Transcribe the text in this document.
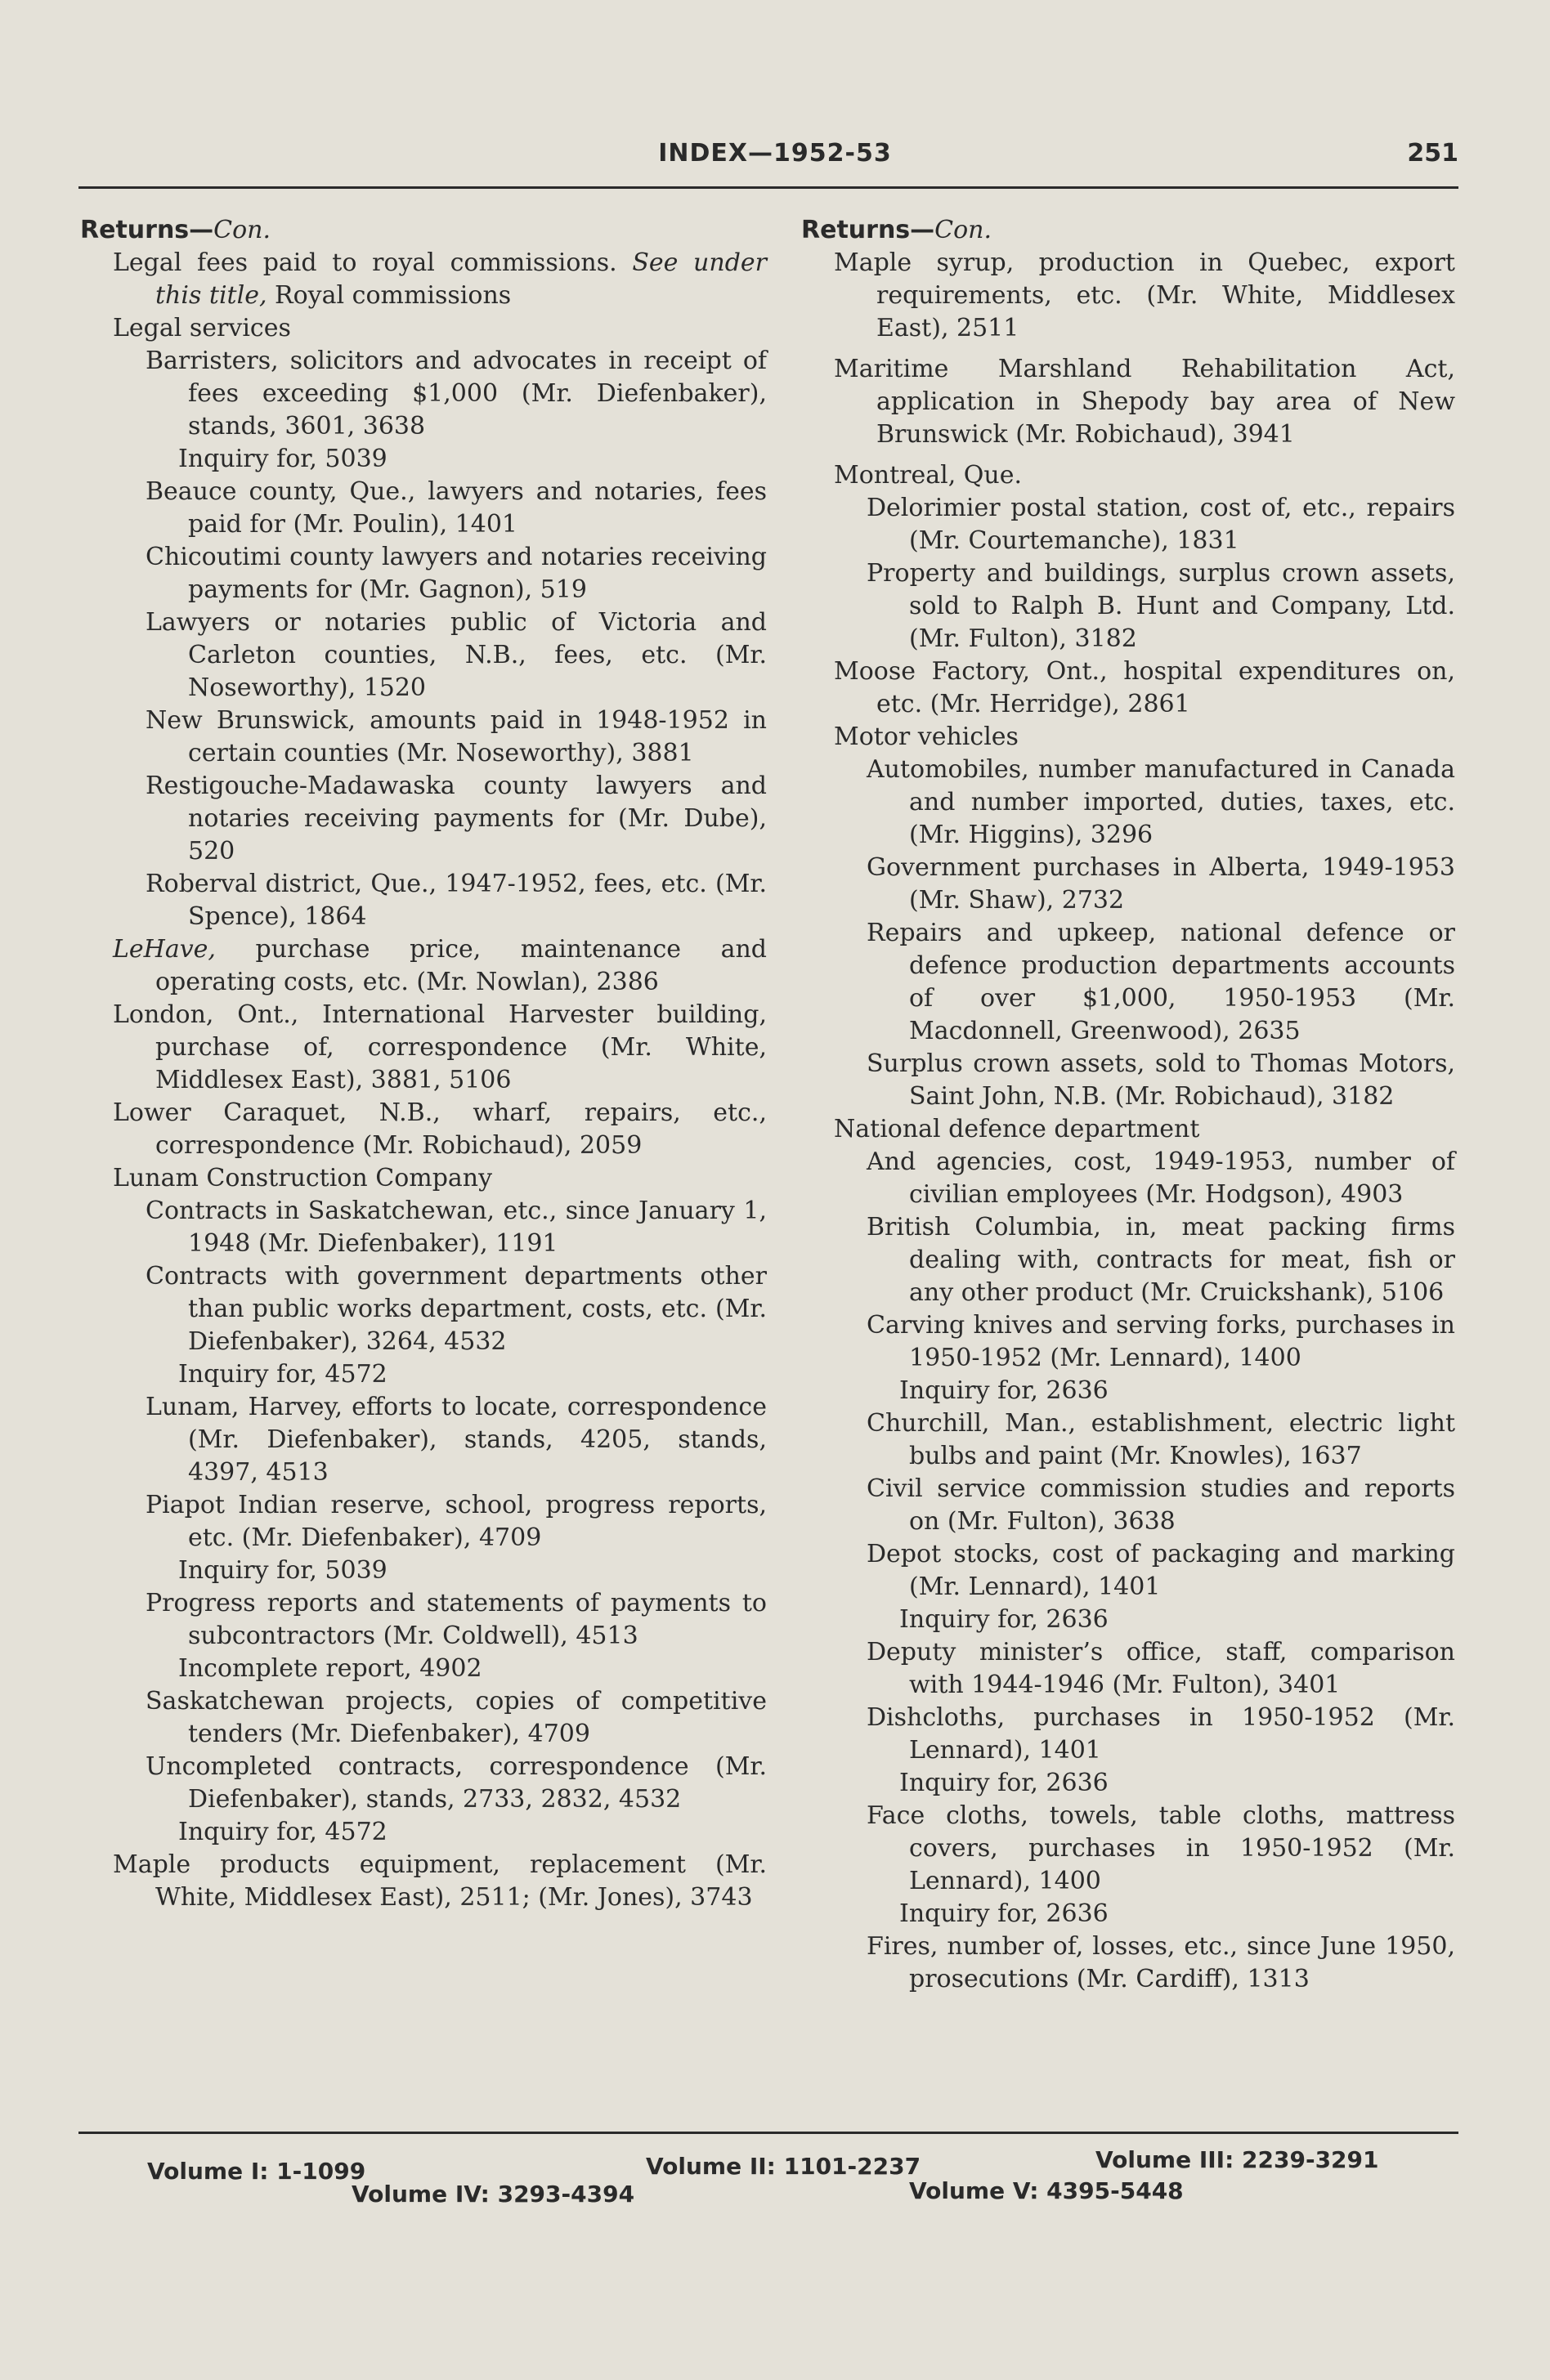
INDEX—1952-53	251
Returns—Con.
Legal fees paid to royal commissions. See under this title, Royal commissions
Legal services
Barristers, solicitors and advocates in receipt of fees exceeding $1,000 (Mr. Diefenbaker), stands, 3601, 3638
Inquiry for, 5039
Beauce county, Que., lawyers and notaries, fees paid for (Mr. Poulin), 1401
Chicoutimi county lawyers and notaries receiving payments for (Mr. Gagnon), 519
Lawyers or notaries public of Victoria and Carleton counties, N.B., fees, etc. (Mr. Noseworthy), 1520
New Brunswick, amounts paid in 1948-1952 in certain counties (Mr. Noseworthy), 3881
Restigouche-Madawaska county lawyers and notaries receiving payments for (Mr. Dube), 520
Roberval district, Que., 1947-1952, fees, etc. (Mr. Spence), 1864
LeHave, purchase price, maintenance and operating costs, etc. (Mr. Nowlan), 2386
London, Ont., International Harvester building, purchase of, correspondence (Mr. White, Middlesex East), 3881, 5106
Lower Caraquet, N.B., wharf, repairs, etc., correspondence (Mr. Robichaud), 2059
Lunam Construction Company
Contracts in Saskatchewan, etc., since January 1, 1948 (Mr. Diefenbaker), 1191
Contracts with government departments other than public works department, costs, etc. (Mr. Diefenbaker), 3264, 4532
Inquiry for, 4572
Lunam, Harvey, efforts to locate, correspondence (Mr. Diefenbaker), stands, 4205, stands, 4397, 4513
Piapot Indian reserve, school, progress reports, etc. (Mr. Diefenbaker), 4709
Inquiry for, 5039
Progress reports and statements of payments to subcontractors (Mr. Coldwell), 4513
Incomplete report, 4902
Saskatchewan projects, copies of competitive tenders (Mr. Diefenbaker), 4709
Uncompleted contracts, correspondence (Mr. Diefenbaker), stands, 2733, 2832, 4532
Inquiry for, 4572
Maple products equipment, replacement (Mr. White, Middlesex East), 2511; (Mr. Jones), 3743
Returns—Con.
Maple syrup, production in Quebec, export requirements, etc. (Mr. White, Middlesex East), 2511
Maritime Marshland Rehabilitation Act, application in Shepody bay area of New Brunswick (Mr. Robichaud), 3941
Montreal, Que.
Delorimier postal station, cost of, etc., repairs (Mr. Courtemanche), 1831
Property and buildings, surplus crown assets, sold to Ralph B. Hunt and Company, Ltd. (Mr. Fulton), 3182
Moose Factory, Ont., hospital expenditures on, etc. (Mr. Herridge), 2861
Motor vehicles
Automobiles, number manufactured in Canada and number imported, duties, taxes, etc. (Mr. Higgins), 3296
Government purchases in Alberta, 1949-1953 (Mr. Shaw), 2732
Repairs and upkeep, national defence or defence production departments accounts of over $1,000, 1950-1953 (Mr. Macdonnell, Greenwood), 2635
Surplus crown assets, sold to Thomas Motors, Saint John, N.B. (Mr. Robichaud), 3182
National defence department
And agencies, cost, 1949-1953, number of civilian employees (Mr. Hodgson), 4903
British Columbia, in, meat packing firms dealing with, contracts for meat, fish or any other product (Mr. Cruickshank), 5106
Carving knives and serving forks, purchases in 1950-1952 (Mr. Lennard), 1400
Inquiry for, 2636
Churchill, Man., establishment, electric light bulbs and paint (Mr. Knowles), 1637
Civil service commission studies and reports on (Mr. Fulton), 3638
Depot stocks, cost of packaging and marking (Mr. Lennard), 1401
Inquiry for, 2636
Deputy minister’s office, staff, comparison with 1944-1946 (Mr. Fulton), 3401
Dishcloths, purchases in 1950-1952 (Mr. Lennard), 1401
Inquiry for, 2636
Face cloths, towels, table cloths, mattress covers, purchases in 1950-1952 (Mr. Lennard), 1400
Inquiry for, 2636
Fires, number of, losses, etc., since June 1950, prosecutions (Mr. Cardiff), 1313
Volume I: 1-1099	Volume II: 1101-2237	Volume III: 2239-3291
Volume IV: 3293-4394	Volume V: 4395-5448
